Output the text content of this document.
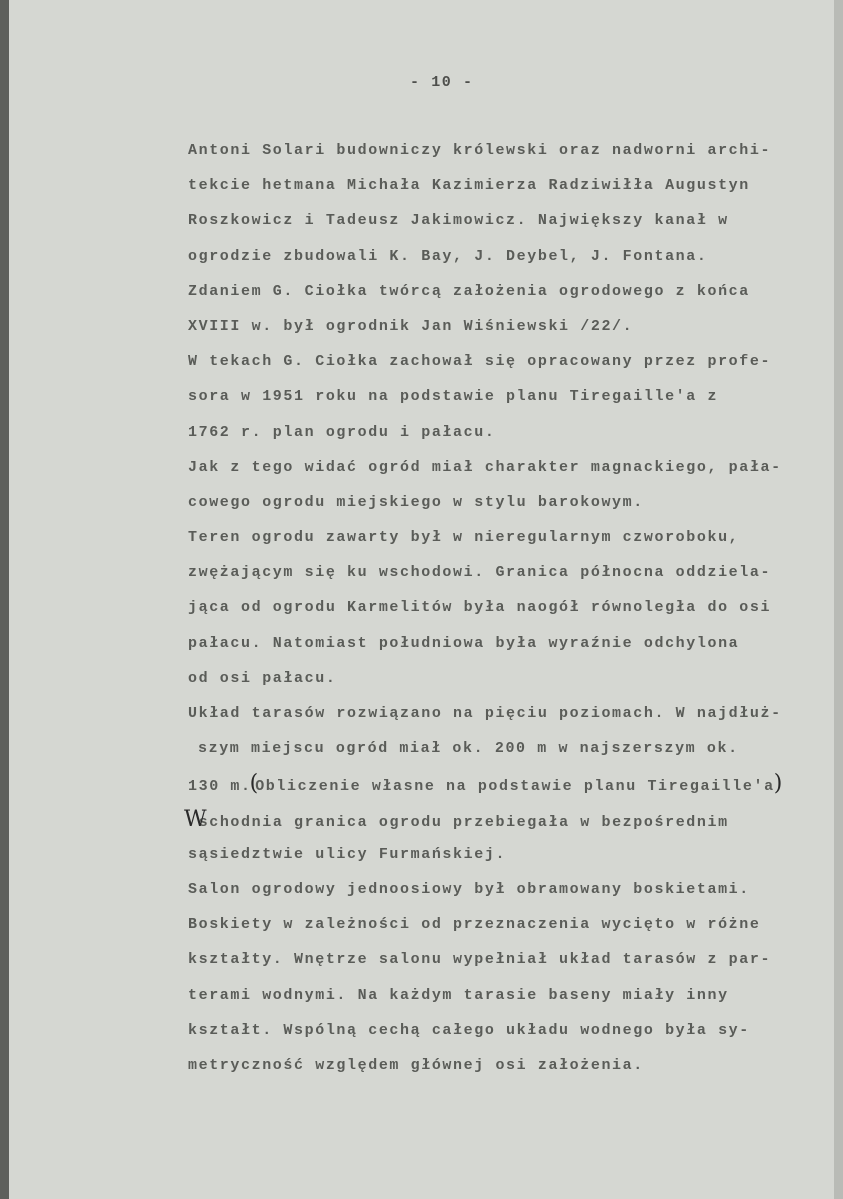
- 10 -
Antoni Solari budowniczy królewski oraz nadworni archi-
tekcie hetmana Michała Kazimierza Radziwiłła Augustyn
Roszkowicz i Tadeusz Jakimowicz. Największy kanał w
ogrodzie zbudowali K. Bay, J. Deybel, J. Fontana.
Zdaniem G. Ciołka twórcą założenia ogrodowego z końca
XVIII w. był ogrodnik Jan Wiśniewski /22/.
W tekach G. Ciołka zachował się opracowany przez profe-
sora w 1951 roku na podstawie planu Tiregaille'a z
1762 r. plan ogrodu i pałacu.
Jak z tego widać ogród miał charakter magnackiego, pała-
cowego ogrodu miejskiego w stylu barokowym.
Teren ogrodu zawarty był w nieregularnym czworoboku,
zwężającym się ku wschodowi. Granica północna oddziela-
jąca od ogrodu Karmelitów była naogół równoległa do osi
pałacu. Natomiast południowa była wyraźnie odchylona
od osi pałacu.
Układ tarasów rozwiązano na pięciu poziomach. W najdłuż-
szym miejscu ogród miał ok. 200 m w najszerszym ok.
130 m.(Obliczenie własne na podstawie planu Tiregaille'a)
Wschodnia granica ogrodu przebiegała w bezpośrednim
sąsiedztwie ulicy Furmańskiej.
Salon ogrodowy jednoosiowy był obramowany boskietami.
Boskiety w zależności od przeznaczenia wycięto w różne
kształty. Wnętrze salonu wypełniał układ tarasów z par-
terami wodnymi. Na każdym tarasie baseny miały inny
kształt. Wspólną cechą całego układu wodnego była sy-
metryczność względem głównej osi założenia.
